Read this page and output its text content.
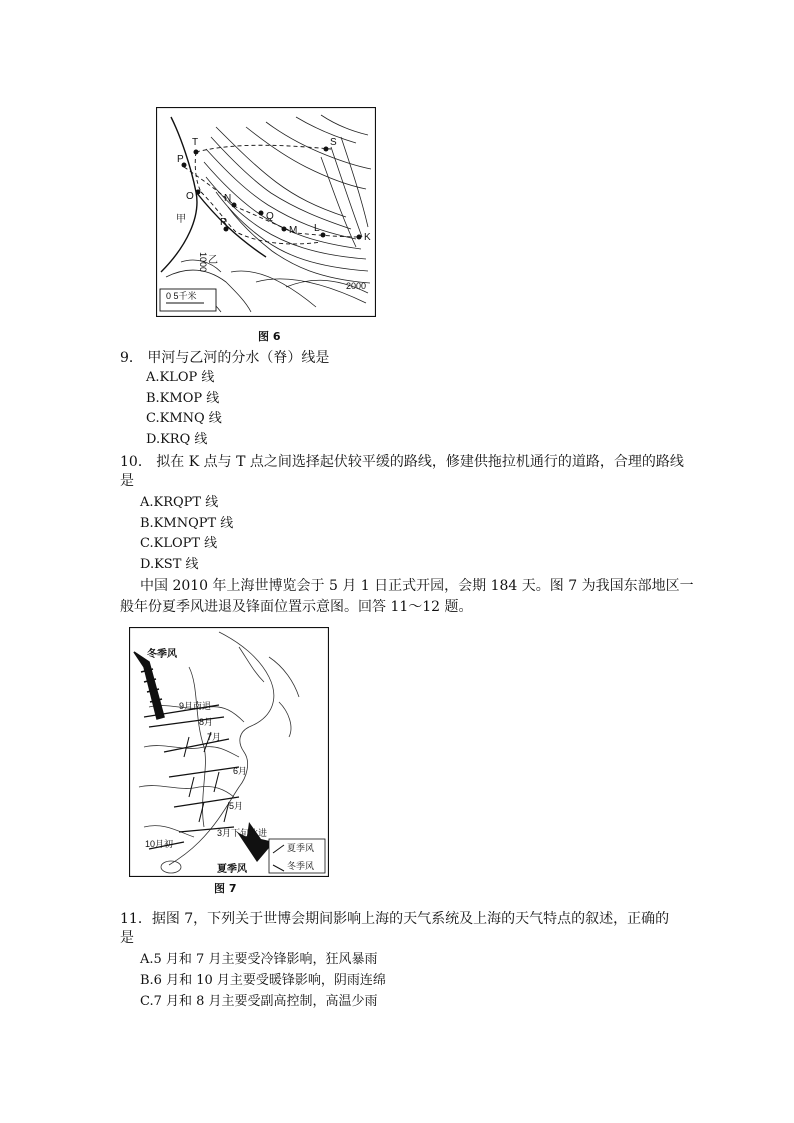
T
P
O	N
R
Q
M L
K
S
甲
乙
1000
2000
0 5千米
图 6
9． 甲河与乙河的分水（脊）线是
A.KLOP 线
B.KMOP 线
C.KMNQ 线
D.KRQ 线
10． 拟在 K 点与 T 点之间选择起伏较平缓的路线，修建供拖拉机通行的道路，合理的路线
是
A.KRQPT 线
B.KMNQPT 线
C.KLOPT 线
D.KST 线
中国 2010 年上海世博览会于 5 月 1 日正式开园，会期 184 天。图 7 为我国东部地区一
般年份夏季风进退及锋面位置示意图。回答 11～12 题。
冬季风
夏季风
9月南退
8月
7月
6月
5月
3月下旬北进
10月初	夏季风
冬季风
图 7
11．据图 7，下列关于世博会期间影响上海的天气系统及上海的天气特点的叙述，正确的
是
A.5 月和 7 月主要受冷锋影响，狂风暴雨
B.6 月和 10 月主要受暖锋影响，阴雨连绵
C.7 月和 8 月主要受副高控制，高温少雨
